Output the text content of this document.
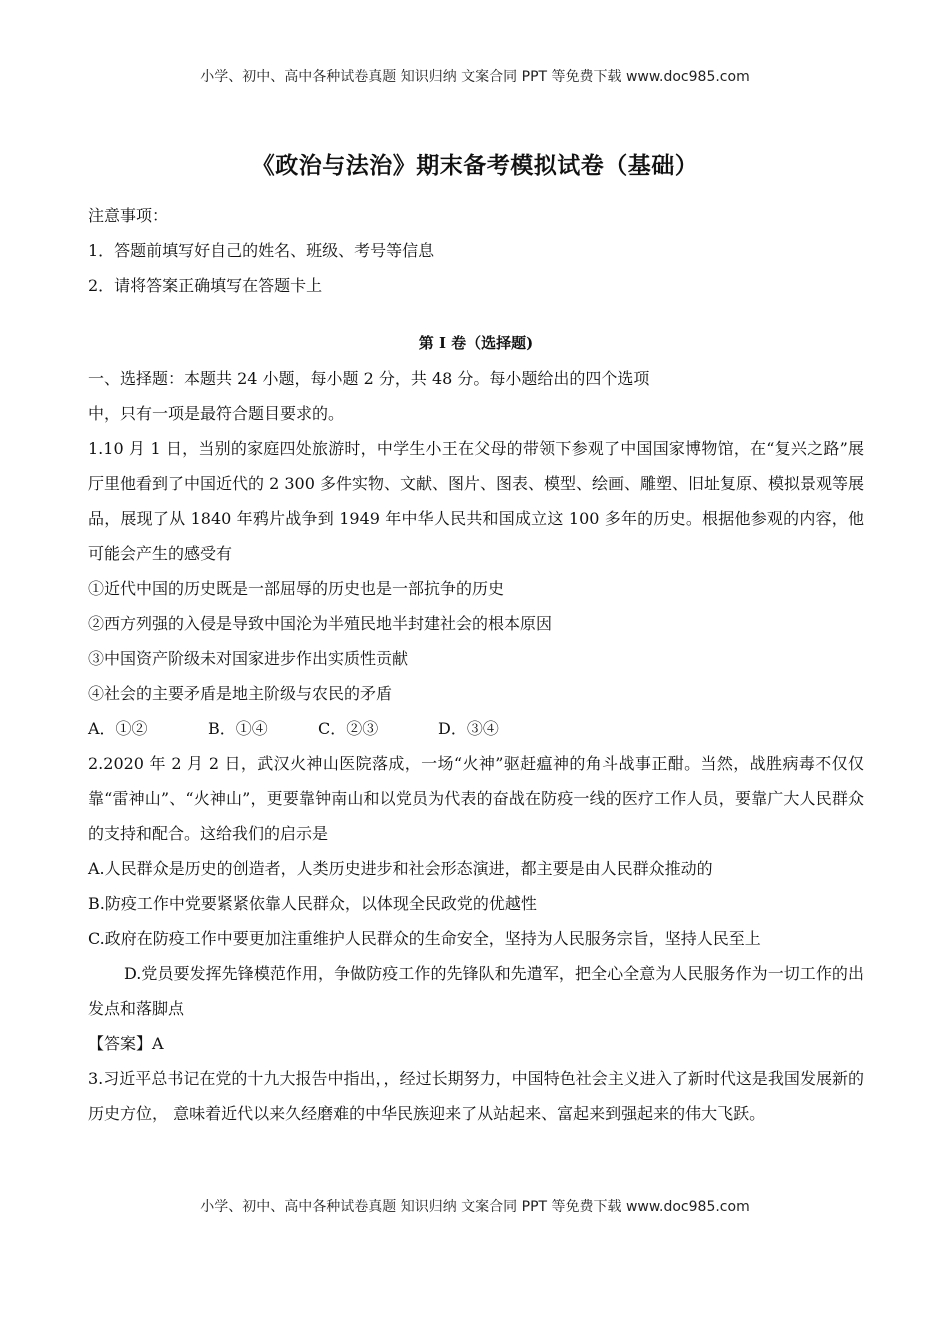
小学、初中、高中各种试卷真题 知识归纳 文案合同 PPT 等免费下载 www.doc985.com
《政治与法治》期末备考模拟试卷（基础）
注意事项：
1．答题前填写好自己的姓名、班级、考号等信息
2．请将答案正确填写在答题卡上
第 I 卷（选择题)
一、选择题：本题共 24 小题，每小题 2 分，共 48 分。每小题给出的四个选项
中，只有一项是最符合题目要求的。
1.10 月 1 日，当别的家庭四处旅游时，中学生小王在父母的带领下参观了中国国家博物馆，在“复兴之路”展厅里他看到了中国近代的 2 300 多件实物、文献、图片、图表、模型、绘画、雕塑、旧址复原、模拟景观等展品，展现了从 1840 年鸦片战争到 1949 年中华人民共和国成立这 100 多年的历史。根据他参观的内容，他可能会产生的感受有
①近代中国的历史既是一部屈辱的历史也是一部抗争的历史
②西方列强的入侵是导致中国沦为半殖民地半封建社会的根本原因
③中国资产阶级未对国家进步作出实质性贡献
④社会的主要矛盾是地主阶级与农民的矛盾
A．①②	B．①④	C．②③	D．③④
2.2020 年 2 月 2 日，武汉火神山医院落成，一场“火神”驱赶瘟神的角斗战事正酣。当然，战胜病毒不仅仅靠“雷神山”、“火神山”，更要靠钟南山和以党员为代表的奋战在防疫一线的医疗工作人员，要靠广大人民群众的支持和配合。这给我们的启示是
A.人民群众是历史的创造者，人类历史进步和社会形态演进，都主要是由人民群众推动的
B.防疫工作中党要紧紧依靠人民群众，以体现全民政党的优越性
C.政府在防疫工作中要更加注重维护人民群众的生命安全，坚持为人民服务宗旨，坚持人民至上
D.党员要发挥先锋模范作用，争做防疫工作的先锋队和先遣军，把全心全意为人民服务作为一切工作的出发点和落脚点
【答案】A
3.习近平总书记在党的十九大报告中指出，，经过长期努力，中国特色社会主义进入了新时代这是我国发展新的历史方位， 意味着近代以来久经磨难的中华民族迎来了从站起来、富起来到强起来的伟大飞跃。
小学、初中、高中各种试卷真题 知识归纳 文案合同 PPT 等免费下载 www.doc985.com
